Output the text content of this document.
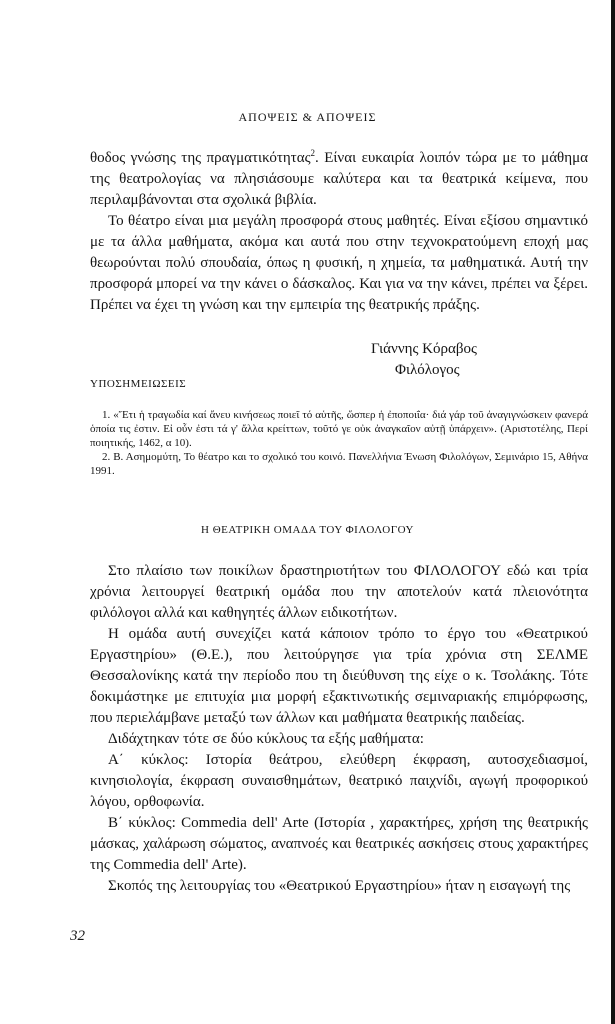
ΑΠΟΨΕΙΣ & ΑΠΟΨΕΙΣ

θοδος γνώσης της πραγματικότητας$^2$. Είναι ευκαιρία λοιπόν τώρα με το μάθημα της θεατρολογίας να πλησιάσουμε καλύτερα και τα θεατρικά κείμενα, που περιλαμβάνονται στα σχολικά βιβλία.

Το θέατρο είναι μια μεγάλη προσφορά στους μαθητές. Είναι εξίσου σημαντικό με τα άλλα μαθήματα, ακόμα και αυτά που στην τεχνοκρατούμενη εποχή μας θεωρούνται πολύ σπουδαία, όπως η φυσική, η χημεία, τα μαθηματικά. Αυτή την προσφορά μπορεί να την κάνει ο δάσκαλος. Και για να την κάνει, πρέπει να ξέρει. Πρέπει να έχει τη γνώση και την εμπειρία της θεατρικής πράξης.

Γιάννης Κόραβος
Φιλόλογος
ΥΠΟΣΗΜΕΙΩΣΕΙΣ

1. «Ἔτι ἡ τραγωδία καί ἄνευ κινήσεως ποιεῖ τό αὑτῆς, ὥσπερ ἡ ἐποποιΐα· διά γάρ τοῦ ἀναγιγνώσκειν φανερά ὁποία τις ἐστιν. Εἰ οὖν ἐστι τά γ' ἄλλα κρείττων, τοῦτό γε οὐκ ἀναγκαῖον αὐτῇ ὑπάρχειν». (Αριστοτέλης, Περί ποιητικής, 1462, α 10).

2. Β. Ασημομύτη, Το θέατρο και το σχολικό του κοινό. Πανελλήνια Ένωση Φιλολόγων, Σεμινάριο 15, Αθήνα 1991.

Η ΘΕΑΤΡΙΚΗ ΟΜΑΔΑ ΤΟΥ ΦΙΛΟΛΟΓΟΥ

Στο πλαίσιο των ποικίλων δραστηριοτήτων του ΦΙΛΟΛΟΓΟΥ εδώ και τρία χρόνια λειτουργεί θεατρική ομάδα που την αποτελούν κατά πλειονότητα φιλόλογοι αλλά και καθηγητές άλλων ειδικοτήτων.

Η ομάδα αυτή συνεχίζει κατά κάποιον τρόπο το έργο του «Θεατρικού Εργαστηρίου» (Θ.Ε.), που λειτούργησε για τρία χρόνια στη ΣΕΛΜΕ Θεσσαλονίκης κατά την περίοδο που τη διεύθυνση της είχε ο κ. Τσολάκης. Τότε δοκιμάστηκε με επιτυχία μια μορφή εξακτινωτικής σεμιναριακής επιμόρφωσης, που περιελάμβανε μεταξύ των άλλων και μαθήματα θεατρικής παιδείας.

Διδάχτηκαν τότε σε δύο κύκλους τα εξής μαθήματα:

Α΄ κύκλος: Ιστορία θεάτρου, ελεύθερη έκφραση, αυτοσχεδιασμοί, κινησιολογία, έκφραση συναισθημάτων, θεατρικό παιχνίδι, αγωγή προφορικού λόγου, ορθοφωνία.

Β΄ κύκλος: Commedia dell' Arte (Ιστορία , χαρακτήρες, χρήση της θεατρικής μάσκας, χαλάρωση σώματος, αναπνοές και θεατρικές ασκήσεις στους χαρακτήρες της Commedia dell' Arte).

Σκοπός της λειτουργίας του «Θεατρικού Εργαστηρίου» ήταν η εισαγωγή της

32
